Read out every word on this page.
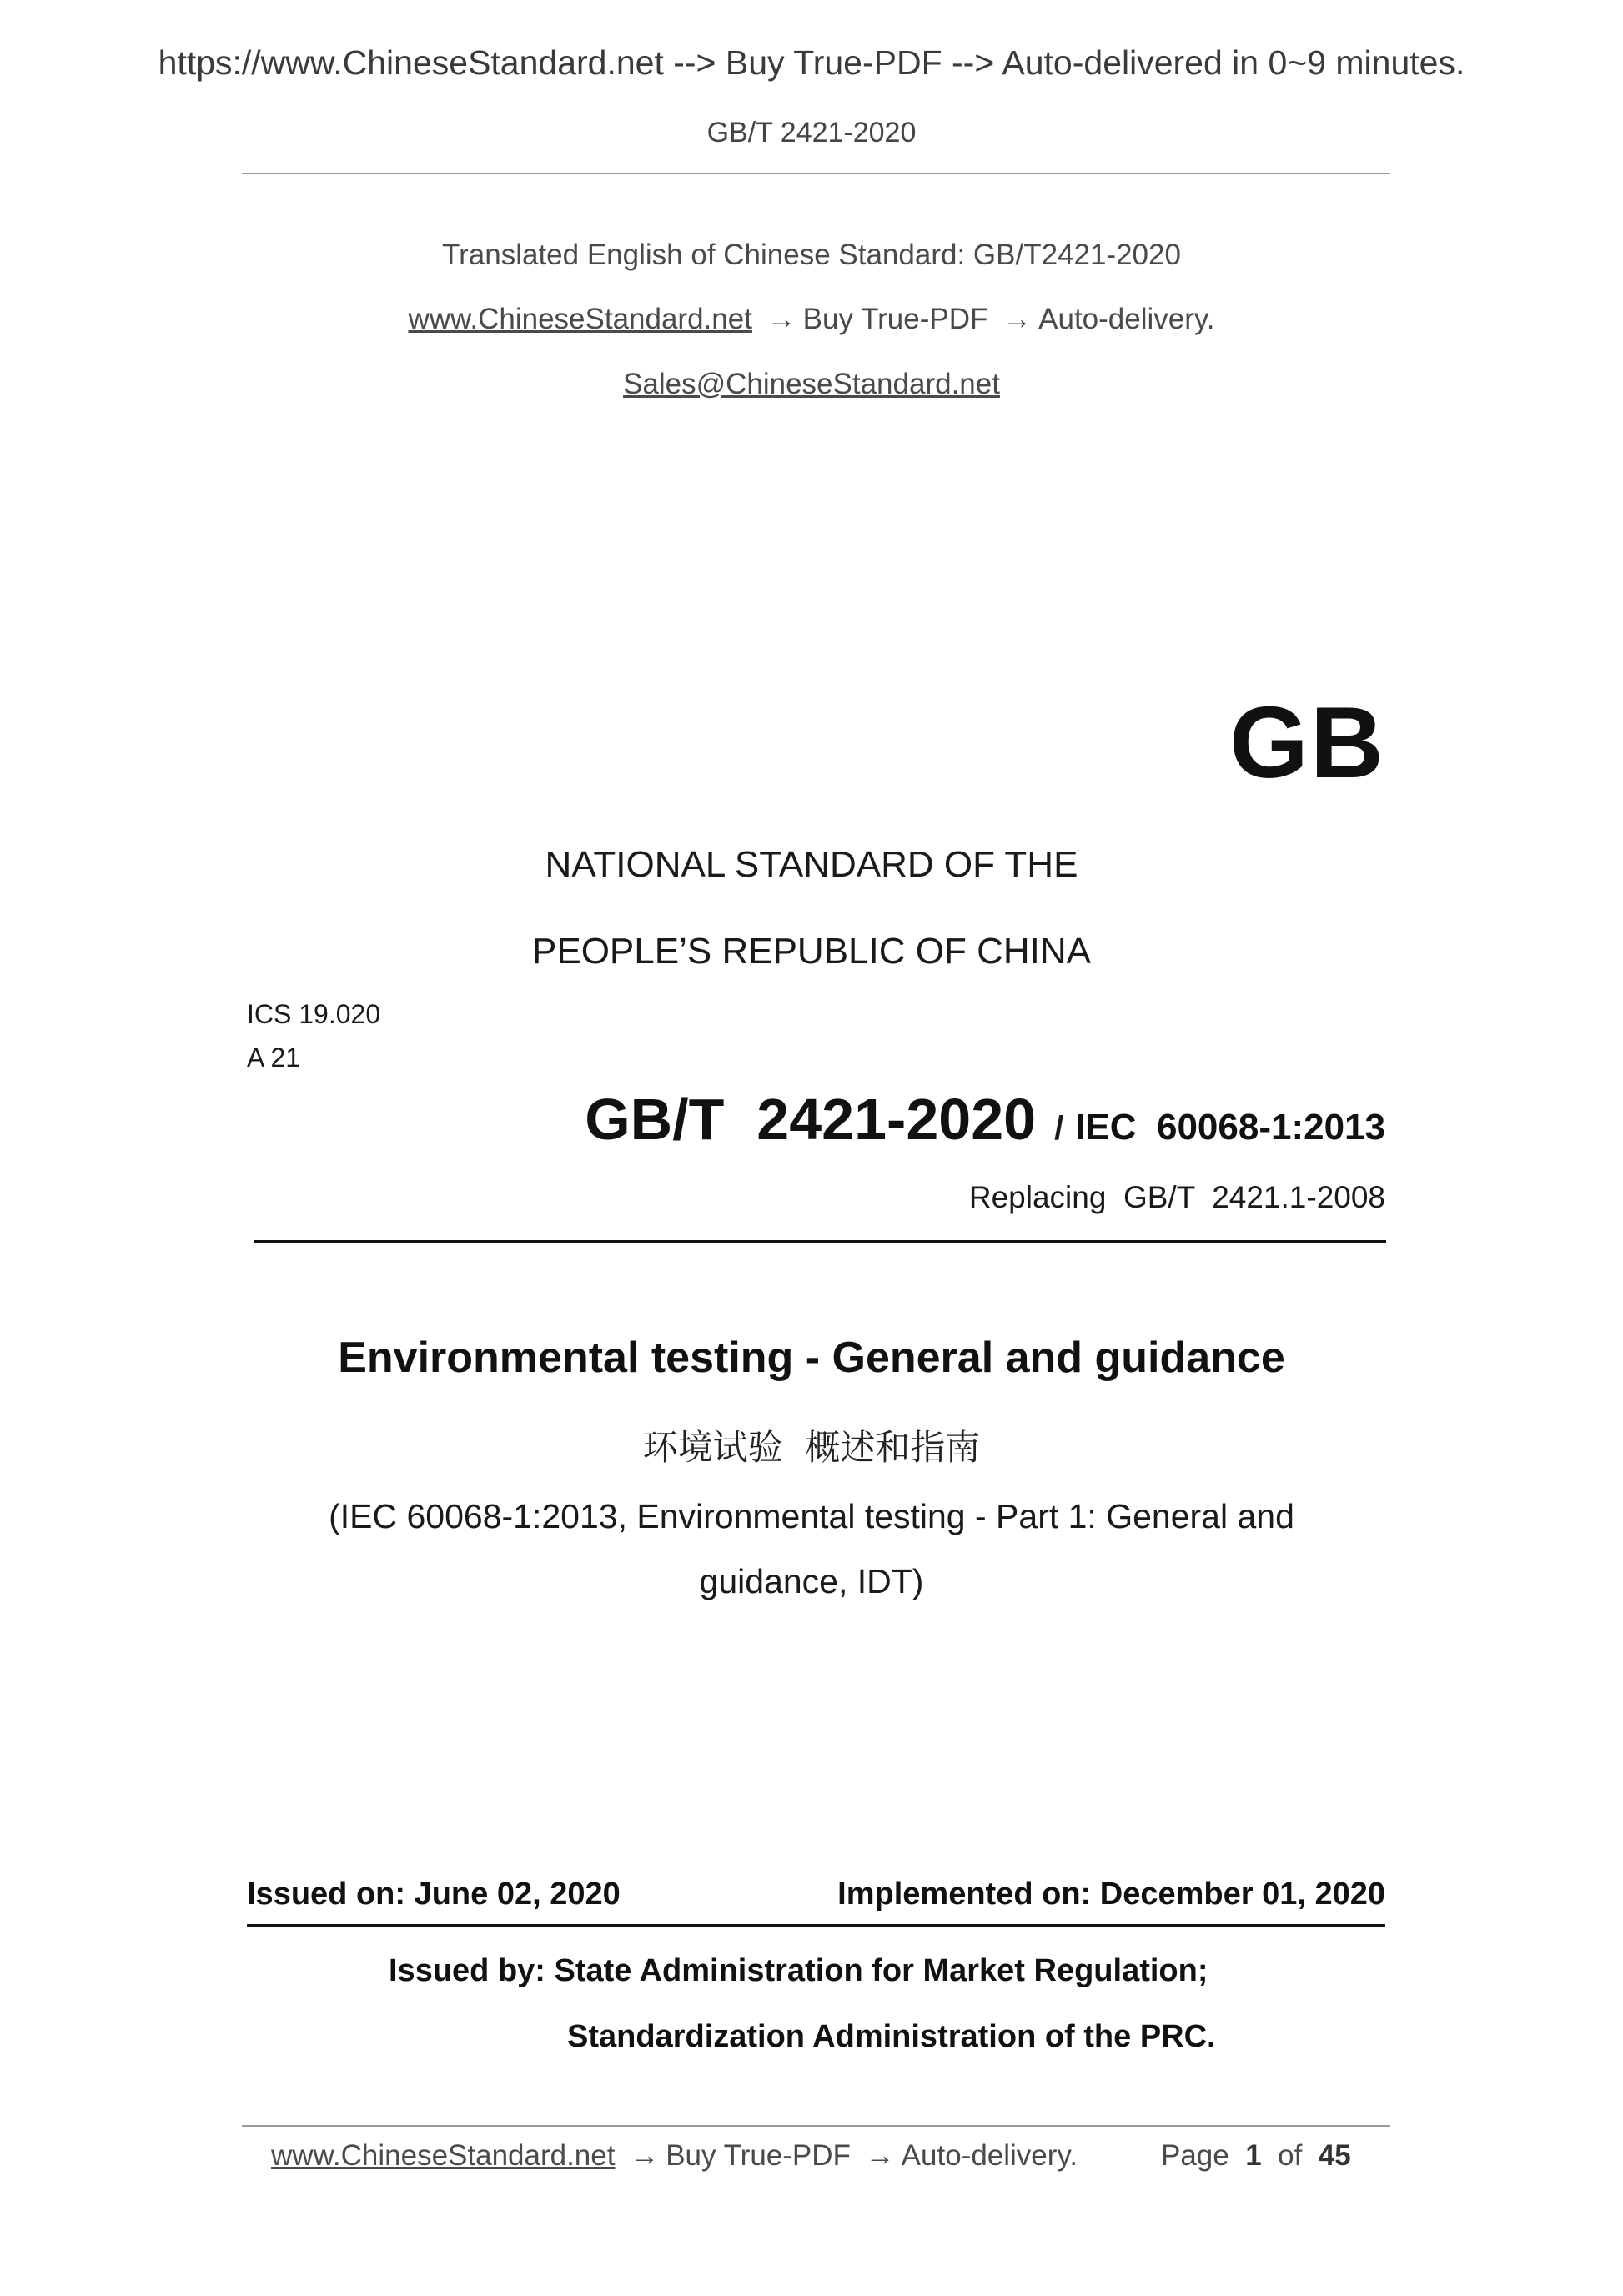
https://www.ChineseStandard.net --> Buy True-PDF --> Auto-delivered in 0~9 minutes.
GB/T 2421-2020
Translated English of Chinese Standard: GB/T2421-2020
www.ChineseStandard.net → Buy True-PDF → Auto-delivery.
Sales@ChineseStandard.net
GB
NATIONAL STANDARD OF THE
PEOPLE’S REPUBLIC OF CHINA
ICS 19.020
A 21
GB/T  2421-2020 / IEC  60068-1:2013
Replacing  GB/T  2421.1-2008
Environmental testing - General and guidance
环境试验  概述和指南
(IEC 60068-1:2013, Environmental testing - Part 1: General and
guidance, IDT)
Issued on: June 02, 2020	Implemented on: December 01, 2020
Issued by: State Administration for Market Regulation;
Standardization Administration of the PRC.
www.ChineseStandard.net → Buy True-PDF → Auto-delivery.	Page 1 of 45
